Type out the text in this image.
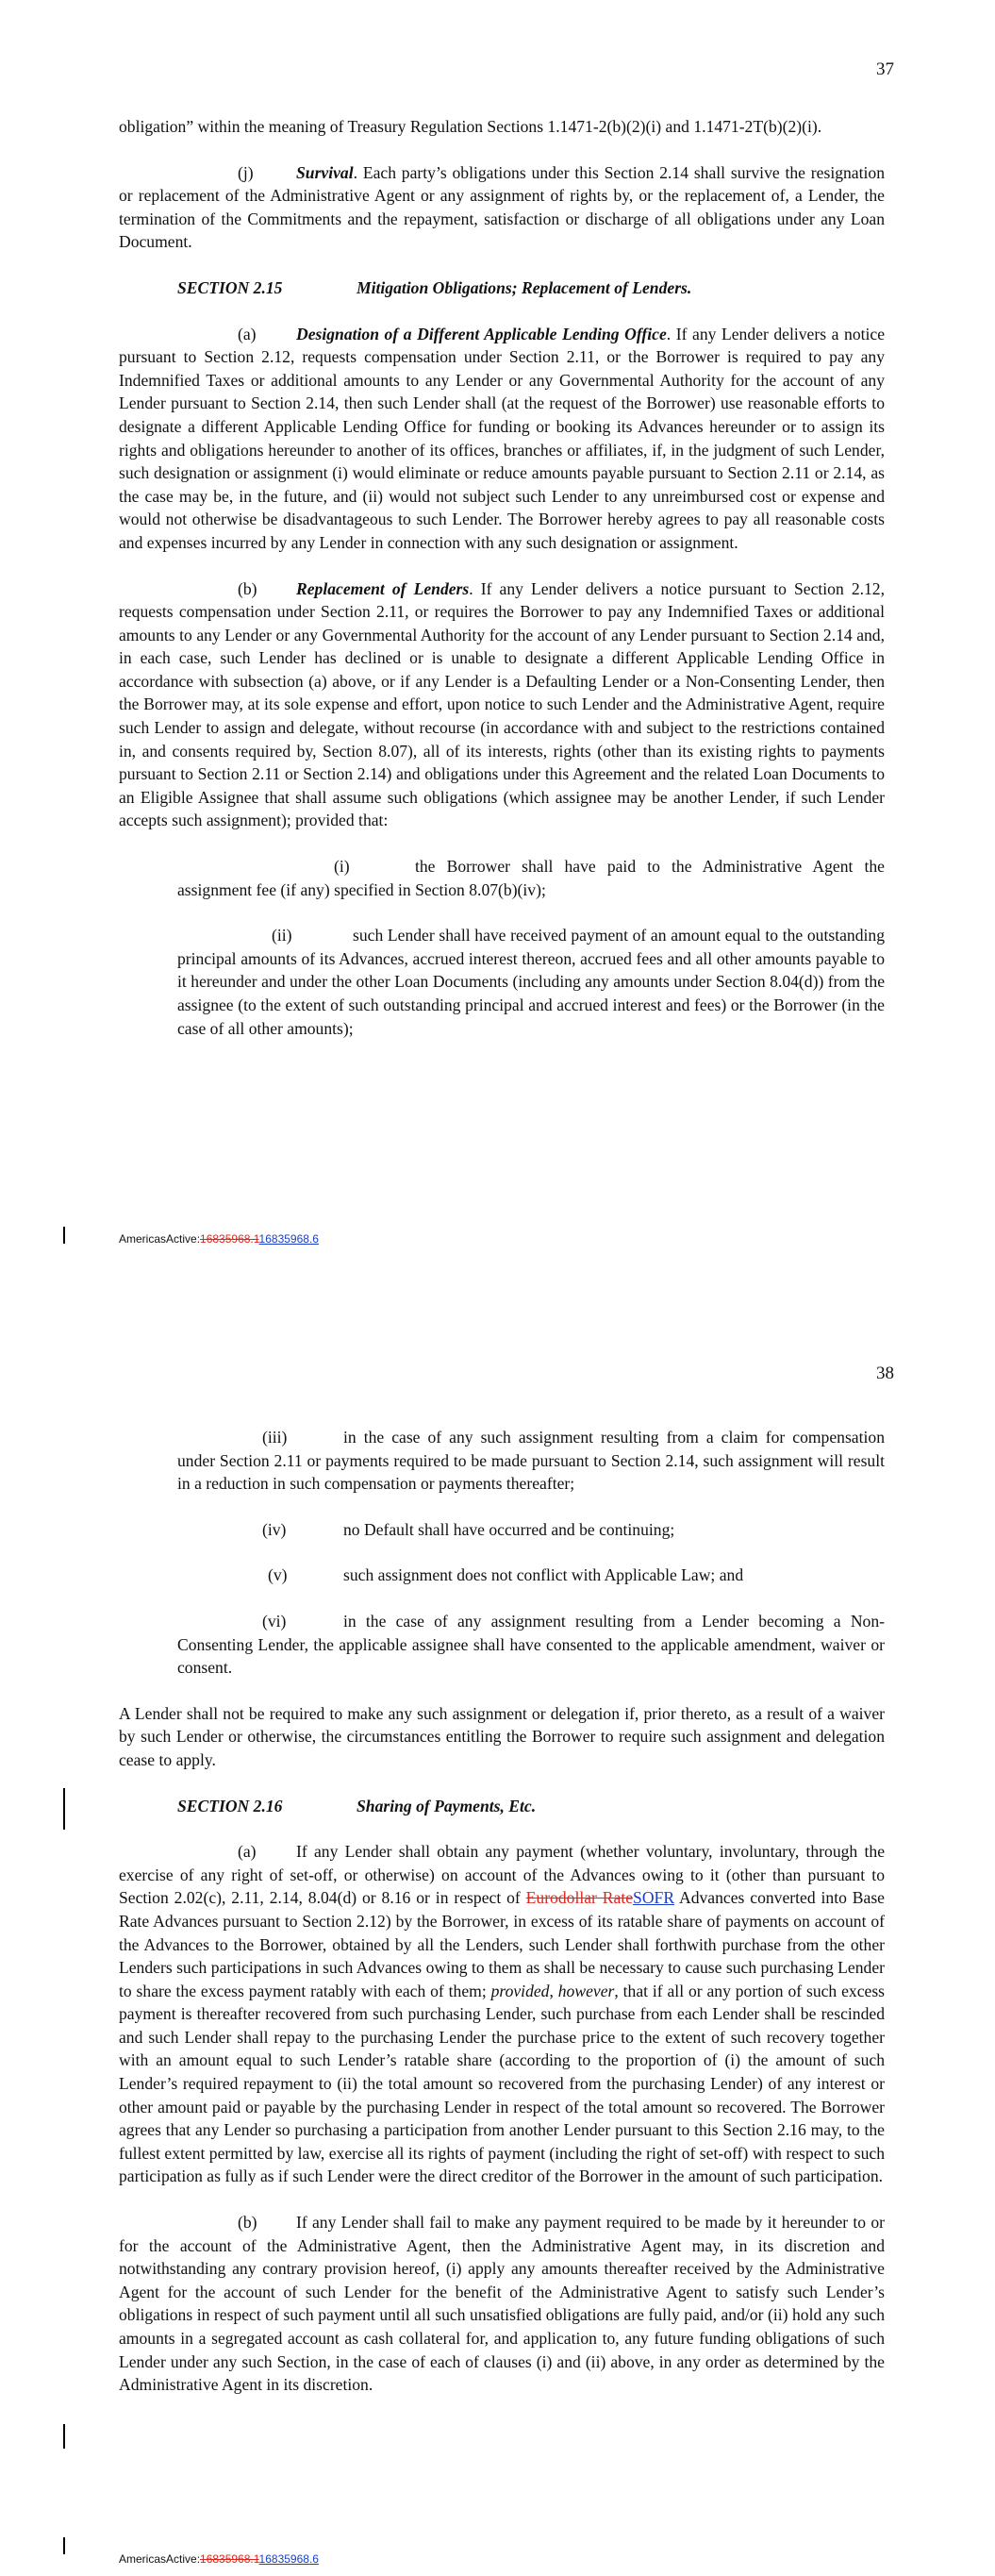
37

obligation” within the meaning of Treasury Regulation Sections 1.1471-2(b)(2)(i) and 1.1471-2T(b)(2)(i).

(j)	Survival. Each party’s obligations under this Section 2.14 shall survive the resignation or replacement of the Administrative Agent or any assignment of rights by, or the replacement of, a Lender, the termination of the Commitments and the repayment, satisfaction or discharge of all obligations under any Loan Document.

SECTION 2.15	Mitigation Obligations; Replacement of Lenders.

(a) Designation of a Different Applicable Lending Office. If any Lender delivers a notice pursuant to Section 2.12, requests compensation under Section 2.11, or the Borrower is required to pay any Indemnified Taxes or additional amounts to any Lender or any Governmental Authority for the account of any Lender pursuant to Section 2.14, then such Lender shall (at the request of the Borrower) use reasonable efforts to designate a different Applicable Lending Office for funding or booking its Advances hereunder or to assign its rights and obligations hereunder to another of its offices, branches or affiliates, if, in the judgment of such Lender, such designation or assignment (i) would eliminate or reduce amounts payable pursuant to Section 2.11 or 2.14, as the case may be, in the future, and (ii) would not subject such Lender to any unreimbursed cost or expense and would not otherwise be disadvantageous to such Lender. The Borrower hereby agrees to pay all reasonable costs and expenses incurred by any Lender in connection with any such designation or assignment.

(b) Replacement of Lenders. If any Lender delivers a notice pursuant to Section 2.12, requests compensation under Section 2.11, or requires the Borrower to pay any Indemnified Taxes or additional amounts to any Lender or any Governmental Authority for the account of any Lender pursuant to Section 2.14 and, in each case, such Lender has declined or is unable to designate a different Applicable Lending Office in accordance with subsection (a) above, or if any Lender is a Defaulting Lender or a Non-Consenting Lender, then the Borrower may, at its sole expense and effort, upon notice to such Lender and the Administrative Agent, require such Lender to assign and delegate, without recourse (in accordance with and subject to the restrictions contained in, and consents required by, Section 8.07), all of its interests, rights (other than its existing rights to payments pursuant to Section 2.11 or Section 2.14) and obligations under this Agreement and the related Loan Documents to an Eligible Assignee that shall assume such obligations (which assignee may be another Lender, if such Lender accepts such assignment); provided that:

(i)	the Borrower shall have paid to the Administrative Agent the assignment fee (if any) specified in Section 8.07(b)(iv);

(ii)	such Lender shall have received payment of an amount equal to the outstanding principal amounts of its Advances, accrued interest thereon, accrued fees and all other amounts payable to it hereunder and under the other Loan Documents (including any amounts under Section 8.04(d)) from the assignee (to the extent of such outstanding principal and accrued interest and fees) or the Borrower (in the case of all other amounts);

AmericasActive:16835968.116835968.6
38

(iii)	in the case of any such assignment resulting from a claim for compensation under Section 2.11 or payments required to be made pursuant to Section 2.14, such assignment will result in a reduction in such compensation or payments thereafter;

(iv)	no Default shall have occurred and be continuing;

(v)	such assignment does not conflict with Applicable Law; and

(vi)	in the case of any assignment resulting from a Lender becoming a Non-Consenting Lender, the applicable assignee shall have consented to the applicable amendment, waiver or consent.

A Lender shall not be required to make any such assignment or delegation if, prior thereto, as a result of a waiver by such Lender or otherwise, the circumstances entitling the Borrower to require such assignment and delegation cease to apply.

SECTION 2.16	Sharing of Payments, Etc.

(a) If any Lender shall obtain any payment (whether voluntary, involuntary, through the exercise of any right of set-off, or otherwise) on account of the Advances owing to it (other than pursuant to Section 2.02(c), 2.11, 2.14, 8.04(d) or 8.16 or in respect of Eurodollar RateSOFR Advances converted into Base Rate Advances pursuant to Section 2.12) by the Borrower, in excess of its ratable share of payments on account of the Advances to the Borrower, obtained by all the Lenders, such Lender shall forthwith purchase from the other Lenders such participations in such Advances owing to them as shall be necessary to cause such purchasing Lender to share the excess payment ratably with each of them; provided, however, that if all or any portion of such excess payment is thereafter recovered from such purchasing Lender, such purchase from each Lender shall be rescinded and such Lender shall repay to the purchasing Lender the purchase price to the extent of such recovery together with an amount equal to such Lender’s ratable share (according to the proportion of (i) the amount of such Lender’s required repayment to (ii) the total amount so recovered from the purchasing Lender) of any interest or other amount paid or payable by the purchasing Lender in respect of the total amount so recovered. The Borrower agrees that any Lender so purchasing a participation from another Lender pursuant to this Section 2.16 may, to the fullest extent permitted by law, exercise all its rights of payment (including the right of set-off) with respect to such participation as fully as if such Lender were the direct creditor of the Borrower in the amount of such participation.

(b) If any Lender shall fail to make any payment required to be made by it hereunder to or for the account of the Administrative Agent, then the Administrative Agent may, in its discretion and notwithstanding any contrary provision hereof, (i) apply any amounts thereafter received by the Administrative Agent for the account of such Lender for the benefit of the Administrative Agent to satisfy such Lender’s obligations in respect of such payment until all such unsatisfied obligations are fully paid, and/or (ii) hold any such amounts in a segregated account as cash collateral for, and application to, any future funding obligations of such Lender under any such Section, in the case of each of clauses (i) and (ii) above, in any order as determined by the Administrative Agent in its discretion.

AmericasActive:16835968.116835968.6
